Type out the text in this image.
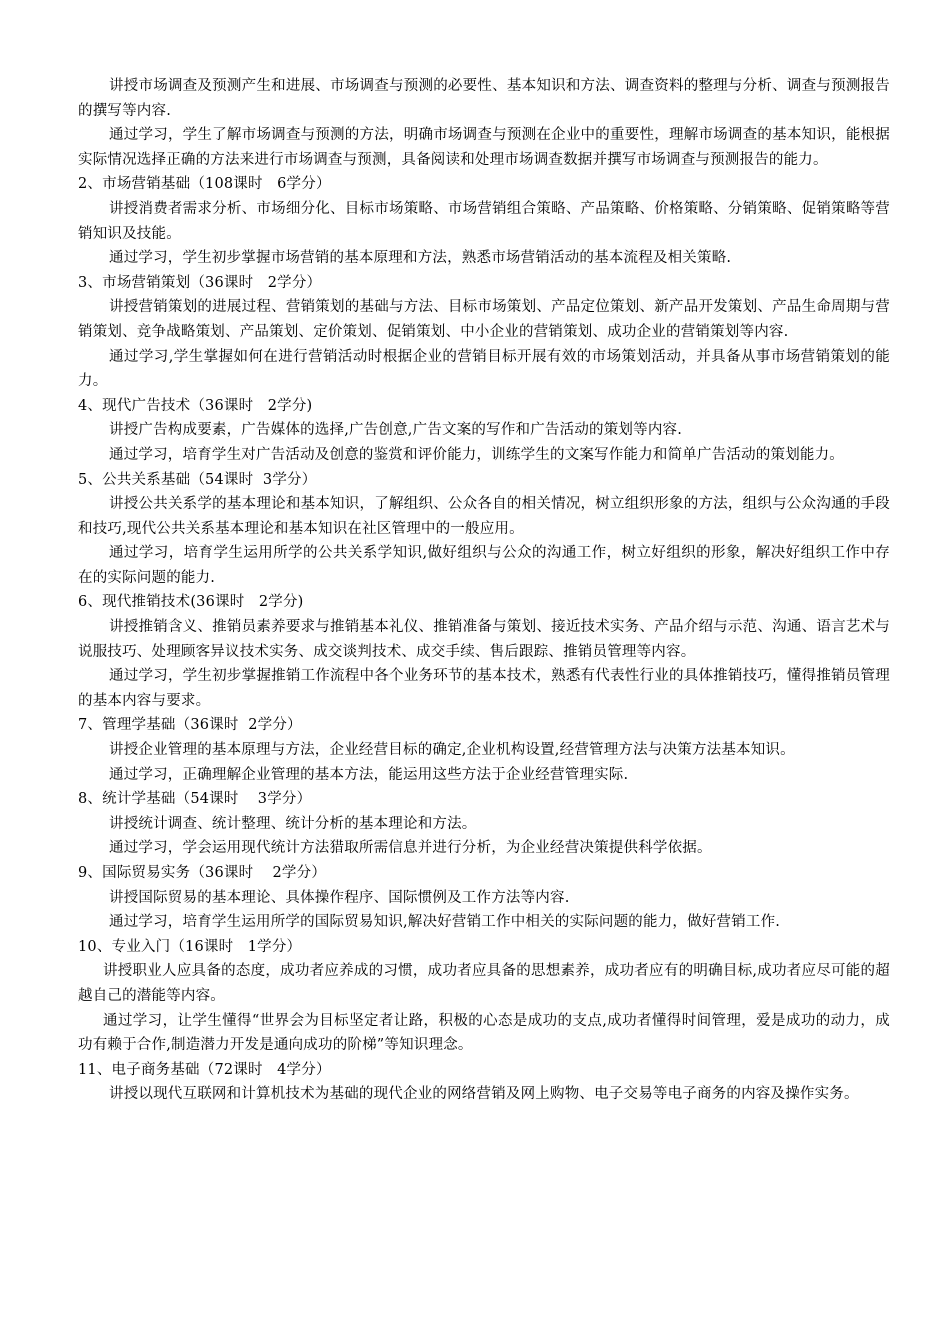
讲授市场调查及预测产生和进展、市场调查与预测的必要性、基本知识和方法、调查资料的整理与分析、调查与预测报告的撰写等内容.

通过学习，学生了解市场调查与预测的方法，明确市场调查与预测在企业中的重要性，理解市场调查的基本知识，能根据实际情况选择正确的方法来进行市场调查与预测，具备阅读和处理市场调查数据并撰写市场调查与预测报告的能力。

2、市场营销基础（108课时   6学分）

讲授消费者需求分析、市场细分化、目标市场策略、市场营销组合策略、产品策略、价格策略、分销策略、促销策略等营销知识及技能。

通过学习，学生初步掌握市场营销的基本原理和方法，熟悉市场营销活动的基本流程及相关策略.

3、市场营销策划（36课时   2学分）

讲授营销策划的进展过程、营销策划的基础与方法、目标市场策划、产品定位策划、新产品开发策划、产品生命周期与营销策划、竞争战略策划、产品策划、定价策划、促销策划、中小企业的营销策划、成功企业的营销策划等内容.

通过学习,学生掌握如何在进行营销活动时根据企业的营销目标开展有效的市场策划活动，并具备从事市场营销策划的能力。

4、现代广告技术（36课时   2学分)

讲授广告构成要素，广告媒体的选择,广告创意,广告文案的写作和广告活动的策划等内容.

通过学习，培育学生对广告活动及创意的鉴赏和评价能力，训练学生的文案写作能力和简单广告活动的策划能力。

5、公共关系基础（54课时  3学分）

讲授公共关系学的基本理论和基本知识，了解组织、公众各自的相关情况，树立组织形象的方法，组织与公众沟通的手段和技巧,现代公共关系基本理论和基本知识在社区管理中的一般应用。

通过学习，培育学生运用所学的公共关系学知识,做好组织与公众的沟通工作，树立好组织的形象，解决好组织工作中存在的实际问题的能力.

6、现代推销技术(36课时   2学分)

讲授推销含义、推销员素养要求与推销基本礼仪、推销准备与策划、接近技术实务、产品介绍与示范、沟通、语言艺术与说服技巧、处理顾客异议技术实务、成交谈判技术、成交手续、售后跟踪、推销员管理等内容。

通过学习，学生初步掌握推销工作流程中各个业务环节的基本技术，熟悉有代表性行业的具体推销技巧，懂得推销员管理的基本内容与要求。

7、管理学基础（36课时  2学分）

讲授企业管理的基本原理与方法，企业经营目标的确定,企业机构设置,经营管理方法与决策方法基本知识。

通过学习，正确理解企业管理的基本方法，能运用这些方法于企业经营管理实际.

8、统计学基础（54课时    3学分）

讲授统计调查、统计整理、统计分析的基本理论和方法。

通过学习，学会运用现代统计方法猎取所需信息并进行分析，为企业经营决策提供科学依据。

9、国际贸易实务（36课时    2学分）

讲授国际贸易的基本理论、具体操作程序、国际惯例及工作方法等内容.

通过学习，培育学生运用所学的国际贸易知识,解决好营销工作中相关的实际问题的能力，做好营销工作.

10、专业入门（16课时   1学分）

讲授职业人应具备的态度，成功者应养成的习惯，成功者应具备的思想素养，成功者应有的明确目标,成功者应尽可能的超越自己的潜能等内容。

通过学习，让学生懂得“世界会为目标坚定者让路，积极的心态是成功的支点,成功者懂得时间管理，爱是成功的动力，成功有赖于合作,制造潜力开发是通向成功的阶梯”等知识理念。

11、电子商务基础（72课时   4学分）

讲授以现代互联网和计算机技术为基础的现代企业的网络营销及网上购物、电子交易等电子商务的内容及操作实务。
